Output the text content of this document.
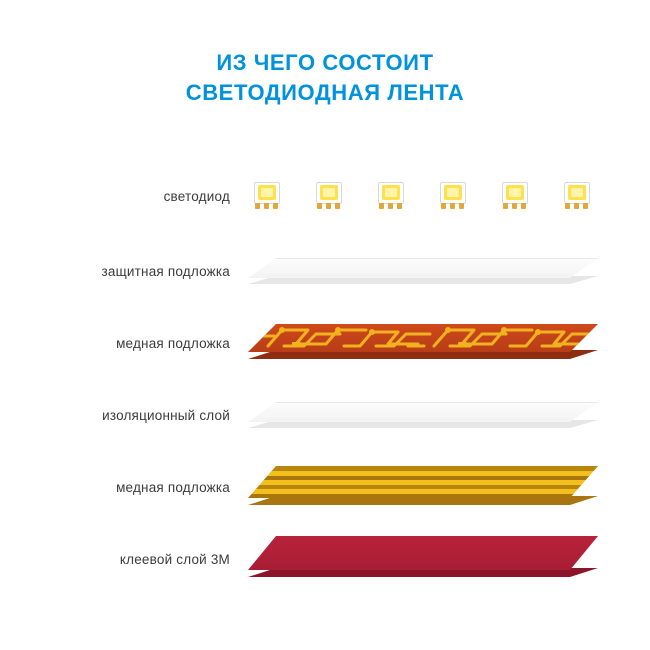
ИЗ ЧЕГО СОСТОИТ
СВЕТОДИОДНАЯ ЛЕНТА
светодиод
защитная подложка
медная подложка
изоляционный слой
медная подложка
клеевой слой 3М
